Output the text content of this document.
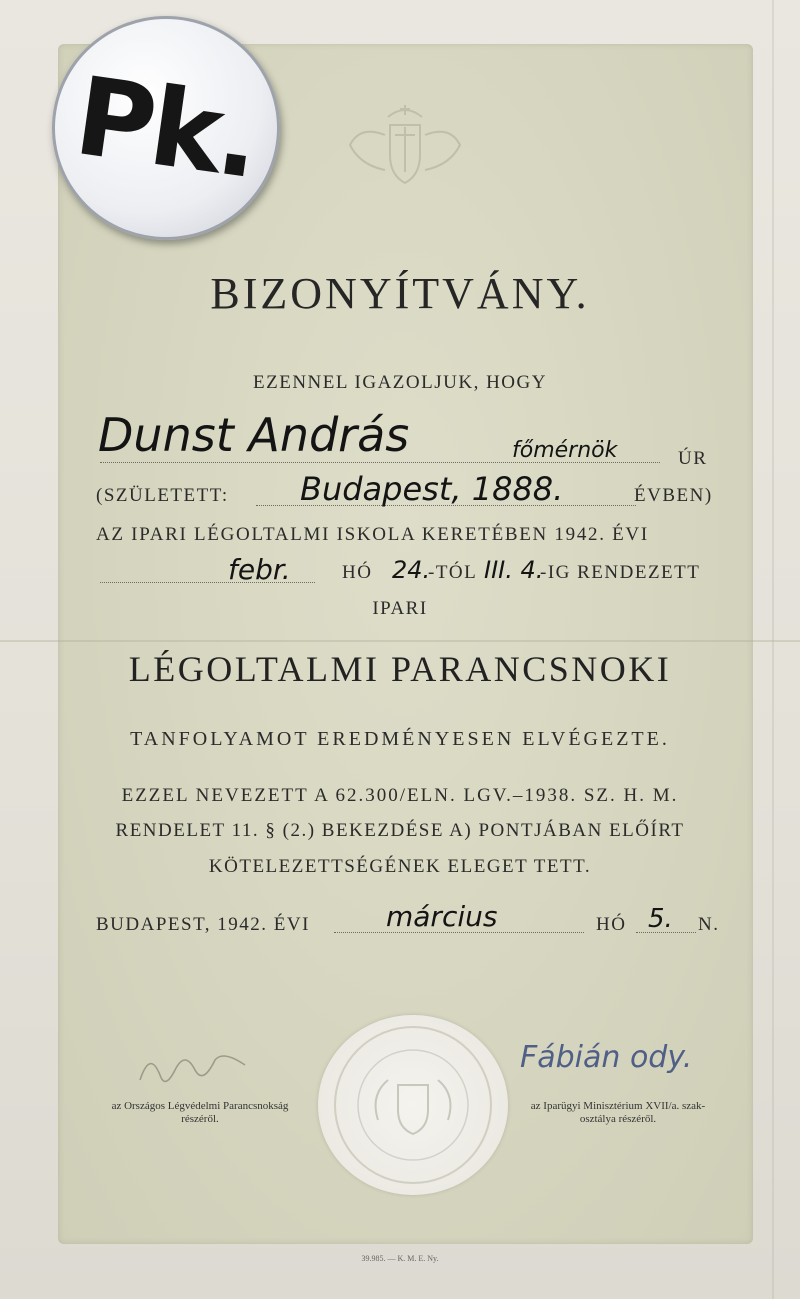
Pk.
BIZONYÍTVÁNY.
EZENNEL IGAZOLJUK, HOGY
Dunst András	főmérnök	ÚR
(SZÜLETETT: Budapest, 1888.	ÉVBEN)
AZ IPARI LÉGOLTALMI ISKOLA KERETÉBEN 1942. ÉVI
febr.	HÓ 24.
-TÓL III. 4.
-IG RENDEZETT
IPARI
LÉGOLTALMI PARANCSNOKI
TANFOLYAMOT EREDMÉNYESEN ELVÉGEZTE.
EZZEL NEVEZETT A 62.300/ELN. LGV.–1938. SZ. H. M.
RENDELET 11. § (2.) BEKEZDÉSE A) PONTJÁBAN ELŐÍRT
KÖTELEZETTSÉGÉNEK ELEGET TETT.
BUDAPEST, 1942. ÉVI	március	HÓ 5. N.
az Országos Légvédelmi Parancsnokság
részéről.
Fábián ody.
az Iparügyi Minisztérium XVII/a. szak-
osztálya részéről.
39.985. — K. M. E. Ny.
